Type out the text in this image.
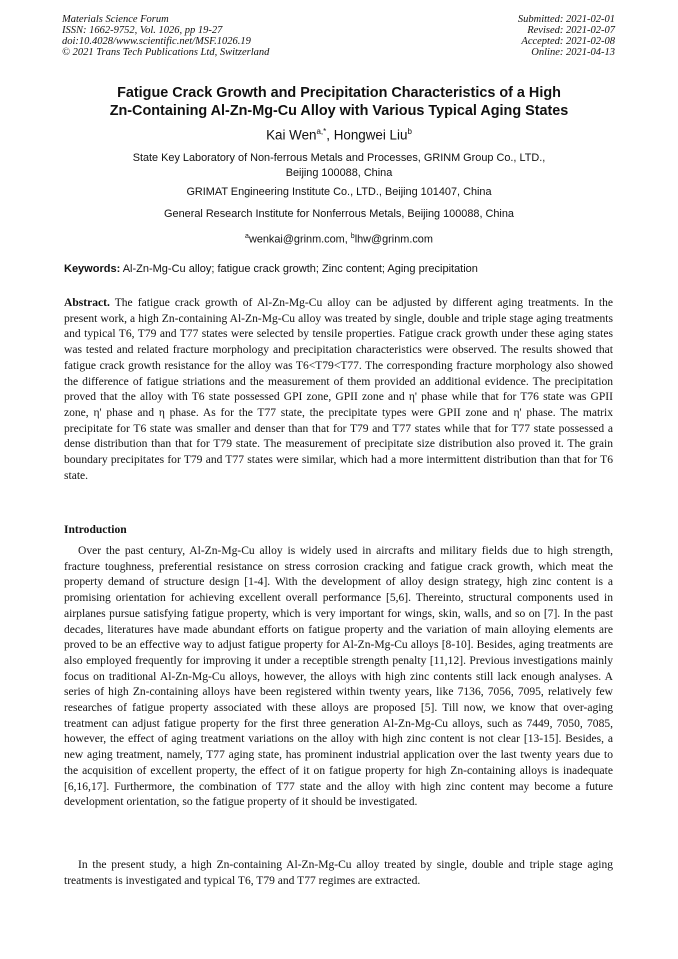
Materials Science Forum
ISSN: 1662-9752, Vol. 1026, pp 19-27
doi:10.4028/www.scientific.net/MSF.1026.19
© 2021 Trans Tech Publications Ltd, Switzerland
Submitted: 2021-02-01
Revised: 2021-02-07
Accepted: 2021-02-08
Online: 2021-04-13
Fatigue Crack Growth and Precipitation Characteristics of a High
Zn-Containing Al-Zn-Mg-Cu Alloy with Various Typical Aging States
Kai Wen$^{a,*}$, Hongwei Liu$^b$
State Key Laboratory of Non-ferrous Metals and Processes, GRINM Group Co., LTD.,
Beijing 100088, China
GRIMAT Engineering Institute Co., LTD., Beijing 101407, China
General Research Institute for Nonferrous Metals, Beijing 100088, China
$^a$wenkai@grinm.com, $^b$lhw@grinm.com
Keywords: Al-Zn-Mg-Cu alloy; fatigue crack growth; Zinc content; Aging precipitation
Abstract. The fatigue crack growth of Al-Zn-Mg-Cu alloy can be adjusted by different aging treatments. In the present work, a high Zn-containing Al-Zn-Mg-Cu alloy was treated by single, double and triple stage aging treatments and typical T6, T79 and T77 states were selected by tensile properties. Fatigue crack growth under these aging states was tested and related fracture morphology and precipitation characteristics were observed. The results showed that fatigue crack growth resistance for the alloy was T6<T79<T77. The corresponding fracture morphology also showed the difference of fatigue striations and the measurement of them provided an additional evidence. The precipitation proved that the alloy with T6 state possessed GPI zone, GPII zone and η' phase while that for T76 state was GPII zone, η' phase and η phase. As for the T77 state, the precipitate types were GPII zone and η' phase. The matrix precipitate for T6 state was smaller and denser than that for T79 and T77 states while that for T77 state possessed a dense distribution than that for T79 state. The measurement of precipitate size distribution also proved it. The grain boundary precipitates for T79 and T77 states were similar, which had a more intermittent distribution than that for T6 state.
Introduction
Over the past century, Al-Zn-Mg-Cu alloy is widely used in aircrafts and military fields due to high strength, fracture toughness, preferential resistance on stress corrosion cracking and fatigue crack growth, which meat the property demand of structure design [1-4]. With the development of alloy design strategy, high zinc content is a promising orientation for achieving excellent overall performance [5,6]. Thereinto, structural components used in airplanes pursue satisfying fatigue property, which is very important for wings, skin, walls, and so on [7]. In the past decades, literatures have made abundant efforts on fatigue property and the variation of main alloying elements are proved to be an effective way to adjust fatigue property for Al-Zn-Mg-Cu alloys [8-10]. Besides, aging treatments are also employed frequently for improving it under a receptible strength penalty [11,12]. Previous investigations mainly focus on traditional Al-Zn-Mg-Cu alloys, however, the alloys with high zinc contents still lack enough analyses. A series of high Zn-containing alloys have been registered within twenty years, like 7136, 7056, 7095, relatively few researches of fatigue property associated with these alloys are proposed [5]. Till now, we know that over-aging treatment can adjust fatigue property for the first three generation Al-Zn-Mg-Cu alloys, such as 7449, 7050, 7085, however, the effect of aging treatment variations on the alloy with high zinc content is not clear [13-15]. Besides, a new aging treatment, namely, T77 aging state, has prominent industrial application over the last twenty years due to the acquisition of excellent property, the effect of it on fatigue property for high Zn-containing alloys is inadequate [6,16,17]. Furthermore, the combination of T77 state and the alloy with high zinc content may become a future development orientation, so the fatigue property of it should be investigated.
In the present study, a high Zn-containing Al-Zn-Mg-Cu alloy treated by single, double and triple stage aging treatments is investigated and typical T6, T79 and T77 regimes are extracted.
